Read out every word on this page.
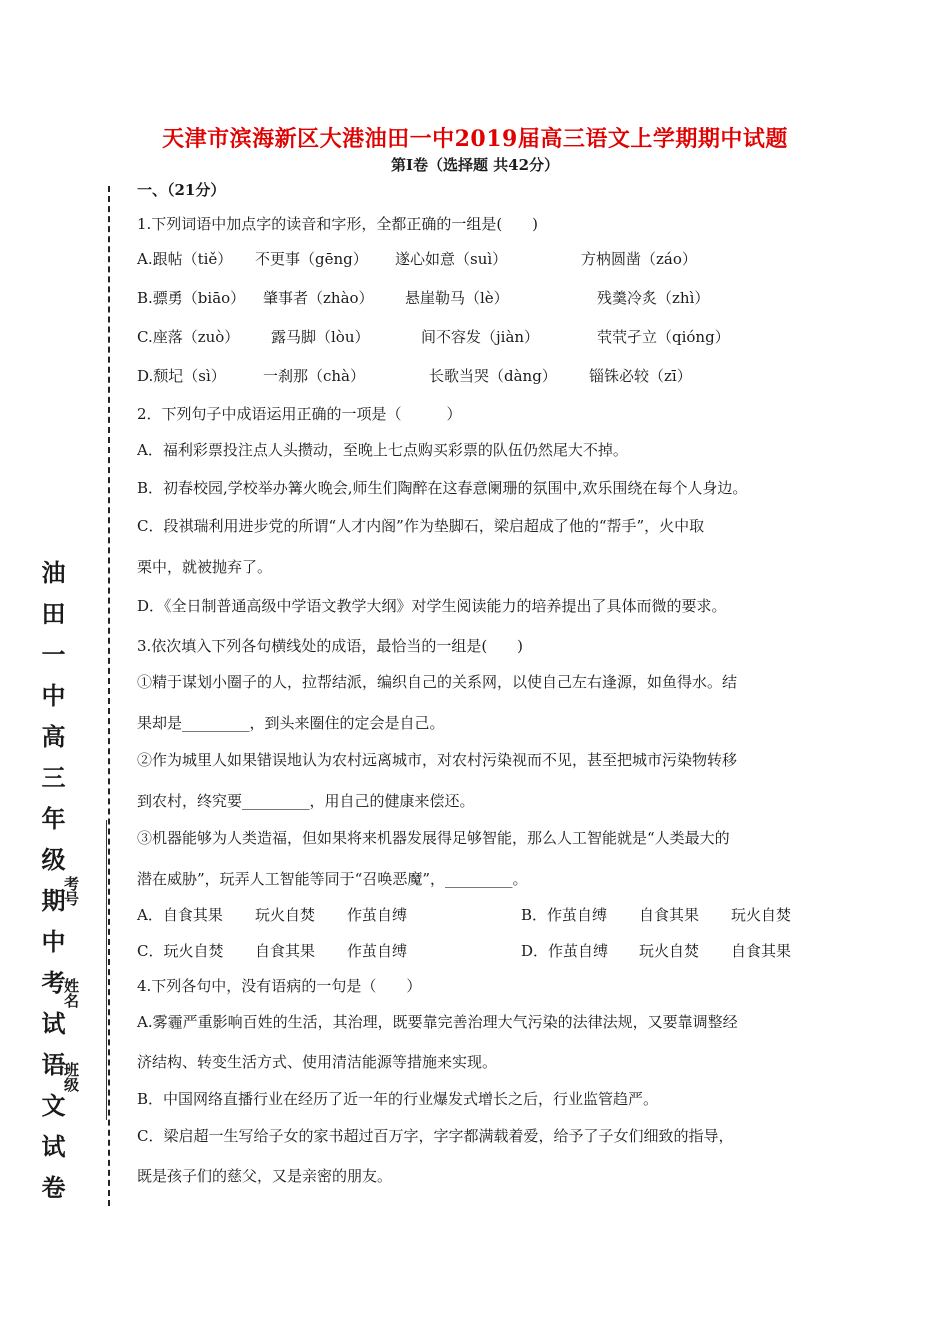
天津市滨海新区大港油田一中2019届高三语文上学期期中试题
第Ⅰ卷（选择题 共42分）
油田一中高三年级期中考试语文试卷
班级
姓名
考号
一、（21分）
1.下列词语中加点字的读音和字形，全都正确的一组是(　　)
A.跟帖（tiě） 不更事（gēng） 遂心如意（suì）	方枘圆凿（záo）
B.骠勇（biāo） 肇事者（zhào） 悬崖勒马（lè）	残羹冷炙（zhì）
C.座落（zuò） 露马脚（lòu）	间不容发（jiàn）	茕茕孑立（qióng）
D.颓圮（sì） 一刹那（chà）	长歌当哭（dàng） 锱铢必较（zī）
2．下列句子中成语运用正确的一项是（　　　）
A．福利彩票投注点人头攒动，至晚上七点购买彩票的队伍仍然尾大不掉。
B．初春校园,学校举办篝火晚会,师生们陶醉在这春意阑珊的氛围中,欢乐围绕在每个人身边。
C．段祺瑞利用进步党的所谓“人才内阁”作为垫脚石，梁启超成了他的“帮手”，火中取
栗中，就被抛弃了。
D．《全日制普通高级中学语文教学大纲》对学生阅读能力的培养提出了具体而微的要求。
3.依次填入下列各句横线处的成语，最恰当的一组是(　　)
①精于谋划小圈子的人，拉帮结派，编织自己的关系网，以使自己左右逢源，如鱼得水。结
果却是_________，到头来圈住的定会是自己。
②作为城里人如果错误地认为农村远离城市，对农村污染视而不见，甚至把城市污染物转移
到农村，终究要_________，用自己的健康来偿还。
③机器能够为人类造福，但如果将来机器发展得足够智能，那么人工智能就是“人类最大的
潜在威胁”，玩弄人工智能等同于“召唤恶魔”，_________。
A．自食其果 玩火自焚 作茧自缚	B．作茧自缚 自食其果 玩火自焚
C．玩火自焚 自食其果 作茧自缚	D．作茧自缚 玩火自焚 自食其果
4.下列各句中，没有语病的一句是（　　）
A.雾霾严重影响百姓的生活，其治理，既要靠完善治理大气污染的法律法规，又要靠调整经
济结构、转变生活方式、使用清洁能源等措施来实现。
B．中国网络直播行业在经历了近一年的行业爆发式增长之后，行业监管趋严。
C．梁启超一生写给子女的家书超过百万字，字字都满载着爱，给予了子女们细致的指导，
既是孩子们的慈父，又是亲密的朋友。
